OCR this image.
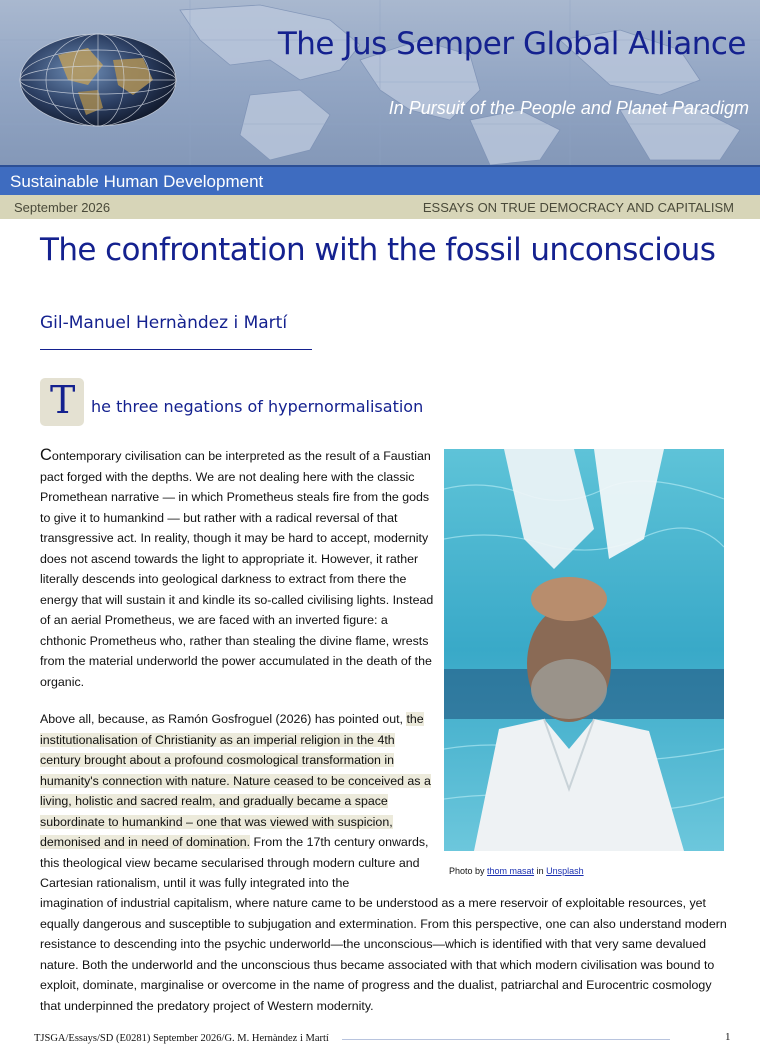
The Jus Semper Global Alliance
In Pursuit of the People and Planet Paradigm
Sustainable Human Development
September 2026	ESSAYS ON TRUE DEMOCRACY AND CAPITALISM
The confrontation with the fossil unconscious
Gil-Manuel Hernàndez i Martí
T he three negations of hypernormalisation
Contemporary civilisation can be interpreted as the result of a Faustian pact forged with the depths. We are not dealing here with the classic Promethean narrative — in which Prometheus steals fire from the gods to give it to humankind — but rather with a radical reversal of that transgressive act. In reality, though it may be hard to accept, modernity does not ascend towards the light to appropriate it. However, it rather literally descends into geological darkness to extract from there the energy that will sustain it and kindle its so-called civilising lights. Instead of an aerial Prometheus, we are faced with an inverted figure: a chthonic Prometheus who, rather than stealing the divine flame, wrests from the material underworld the power accumulated in the death of the organic.
Above all, because, as Ramón Gosfroguel (2026) has pointed out, the institutionalisation of Christianity as an imperial religion in the 4th century brought about a profound cosmological transformation in humanity's connection with nature. Nature ceased to be conceived as a living, holistic and sacred realm, and gradually became a space subordinate to humankind – one that was viewed with suspicion, demonised and in need of domination. From the 17th century onwards, this theological view became secularised through modern culture and Cartesian rationalism, until it was fully integrated into the
Photo by thom masat in Unsplash
imagination of industrial capitalism, where nature came to be understood as a mere reservoir of exploitable resources, yet equally dangerous and susceptible to subjugation and extermination. From this perspective, one can also understand modern resistance to descending into the psychic underworld—the unconscious—which is identified with that very same devalued nature. Both the underworld and the unconscious thus became associated with that which modern civilisation was bound to exploit, dominate, marginalise or overcome in the name of progress and the dualist, patriarchal and Eurocentric cosmology that underpinned the predatory project of Western modernity.
TJSGA/Essays/SD (E0281) September 2026/G. M. Hernàndez i Martí	1
